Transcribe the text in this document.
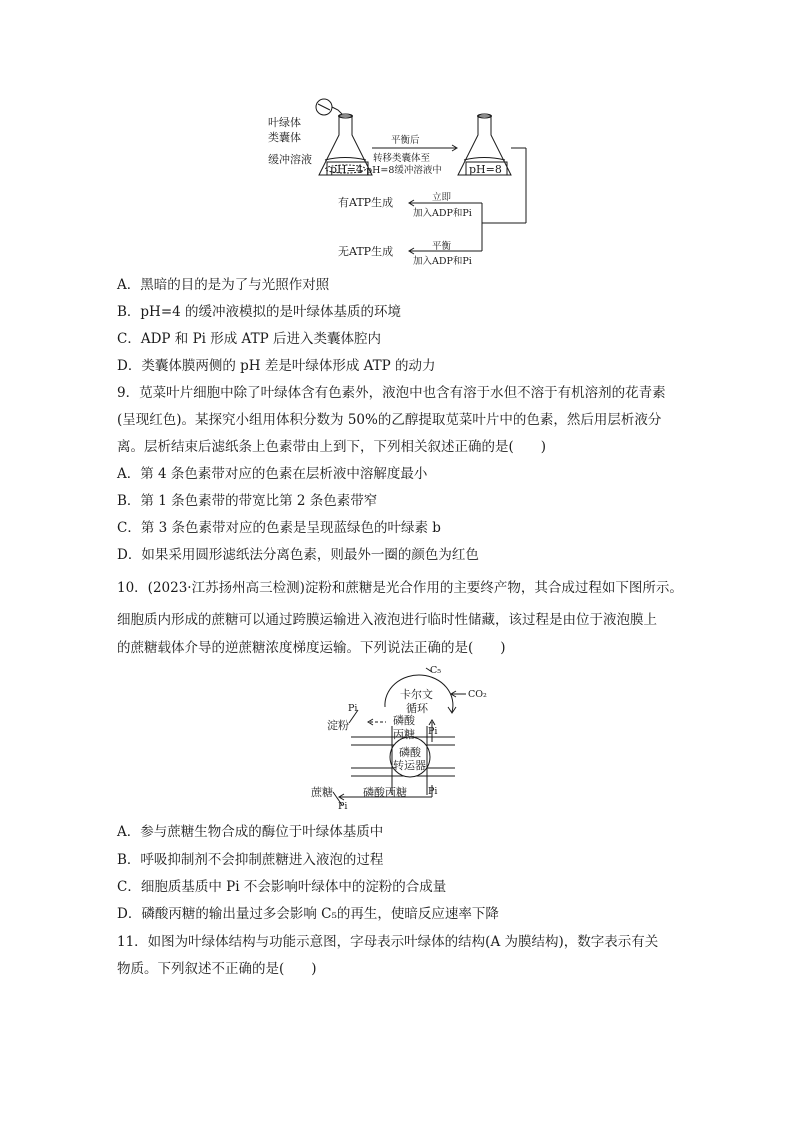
叶绿体
类囊体
缓冲溶液
pH=4	pH=8
平衡后
转移类囊体至
pH=8缓冲溶液中
有ATP生成	立即
加入ADP和Pi
无ATP生成	平衡
加入ADP和Pi
A．黑暗的目的是为了与光照作对照
B．pH=4 的缓冲液模拟的是叶绿体基质的环境
C．ADP 和 Pi 形成 ATP 后进入类囊体腔内
D．类囊体膜两侧的 pH 差是叶绿体形成 ATP 的动力
9．苋菜叶片细胞中除了叶绿体含有色素外，液泡中也含有溶于水但不溶于有机溶剂的花青素
(呈现红色)。某探究小组用体积分数为 50%的乙醇提取苋菜叶片中的色素，然后用层析液分
离。层析结束后滤纸条上色素带由上到下，下列相关叙述正确的是(　　)
A．第 4 条色素带对应的色素在层析液中溶解度最小
B．第 1 条色素带的带宽比第 2 条色素带窄
C．第 3 条色素带对应的色素是呈现蓝绿色的叶绿素 b
D．如果采用圆形滤纸法分离色素，则最外一圈的颜色为红色
10．(2023·江苏扬州高三检测)淀粉和蔗糖是光合作用的主要终产物，其合成过程如下图所示。
细胞质内形成的蔗糖可以通过跨膜运输进入液泡进行临时性储藏，该过程是由位于液泡膜上
的蔗糖载体介导的逆蔗糖浓度梯度运输。下列说法正确的是(　　)
C₅
卡尔文
循环
CO₂
Pi
淀粉	磷酸
丙糖 Pi
磷酸
转运器
蔗糖	磷酸丙糖 Pi
Pi
A．参与蔗糖生物合成的酶位于叶绿体基质中
B．呼吸抑制剂不会抑制蔗糖进入液泡的过程
C．细胞质基质中 Pi 不会影响叶绿体中的淀粉的合成量
D．磷酸丙糖的输出量过多会影响 C₅的再生，使暗反应速率下降
11．如图为叶绿体结构与功能示意图，字母表示叶绿体的结构(A 为膜结构)，数字表示有关
物质。下列叙述不正确的是(　　)
